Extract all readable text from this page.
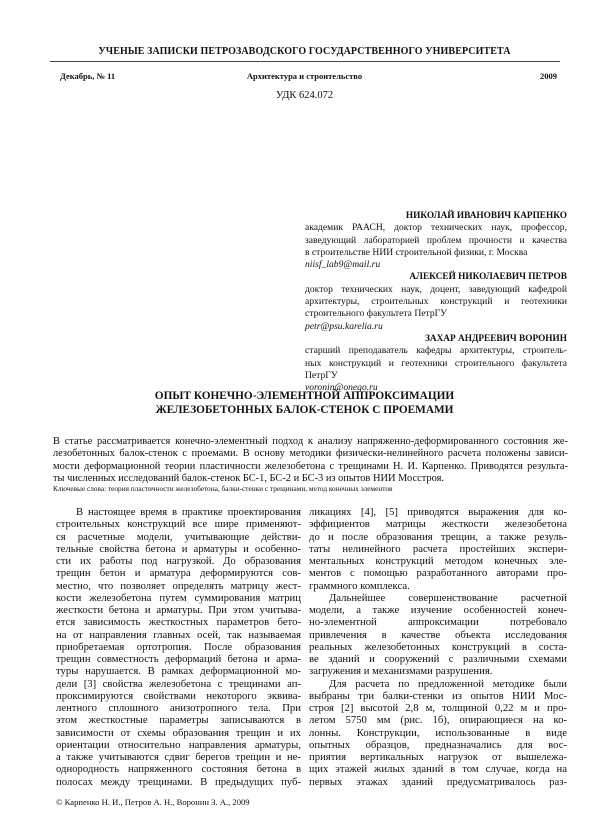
УЧЕНЫЕ ЗАПИСКИ ПЕТРОЗАВОДСКОГО ГОСУДАРСТВЕННОГО УНИВЕРСИТЕТА
Декабрь, № 11	Архитектура и строительство	2009
УДК 624.072
НИКОЛАЙ ИВАНОВИЧ КАРПЕНКО
академик РААСН, доктор технических наук, профессор,
заведующий лабораторией проблем прочности и качества
в строительстве НИИ строительной физики, г. Москва
niisf_lab9@mail.ru
АЛЕКСЕЙ НИКОЛАЕВИЧ ПЕТРОВ
доктор технических наук, доцент, заведующий кафедрой
архитектуры, строительных конструкций и геотехники
строительного факультета ПетрГУ
petr@psu.karelia.ru
ЗАХАР АНДРЕЕВИЧ ВОРОНИН
старший преподаватель кафедры архитектуры, строитель-
ных конструкций и геотехники строительного факультета
ПетрГУ
voronin@onego.ru
ОПЫТ КОНЕЧНО-ЭЛЕМЕНТНОЙ АППРОКСИМАЦИИ
ЖЕЛЕЗОБЕТОННЫХ БАЛОК-СТЕНОК С ПРОЕМАМИ
В статье рассматривается конечно-элементный подход к анализу напряженно-деформированного состояния же-
лезобетонных балок-стенок с проемами. В основу методики физически-нелинейного расчета положены зависи-
мости деформационной теории пластичности железобетона с трещинами Н. И. Карпенко. Приводятся результа-
ты численных исследований балок-стенок БС-1, БС-2 и БС-3 из опытов НИИ Мосстроя.
Ключевые слова: теория пластичности железобетона, балки-стенки с трещинами, метод конечных элементов
В настоящее время в практике проектирования
строительных конструкций все шире применяют-
ся расчетные модели, учитывающие действи-
тельные свойства бетона и арматуры и особенно-
сти их работы под нагрузкой. До образования
трещин бетон и арматура деформируются сов-
местно, что позволяет определять матрицу жест-
кости железобетона путем суммирования матриц
жесткости бетона и арматуры. При этом учитыва-
ется зависимость жесткостных параметров бето-
на от направления главных осей, так называемая
приобретаемая ортотропия. После образования
трещин совместность деформаций бетона и арма-
туры нарушается. В рамках деформационной мо-
дели [3] свойства железобетона с трещинами ап-
проксимируются свойствами некоторого эквива-
лентного сплошного анизотропного тела. При
этом жесткостные параметры записываются в
зависимости от схемы образования трещин и их
ориентации относительно направления арматуры,
а также учитываются сдвиг берегов трещин и не-
однородность напряженного состояния бетона в
полосах между трещинами. В предыдущих пуб-
ликациях [4], [5] приводятся выражения для ко-
эффициентов матрицы жесткости железобетона
до и после образования трещин, а также резуль-
таты нелинейного расчета простейших экспери-
ментальных конструкций методом конечных эле-
ментов с помощью разработанного авторами про-
граммного комплекса.
Дальнейшее совершенствование расчетной
модели, а также изучение особенностей конеч-
но-элементной аппроксимации потребовало
привлечения в качестве объекта исследования
реальных железобетонных конструкций в соста-
ве зданий и сооружений с различными схемами
загружения и механизмами разрушения.
Для расчета по предложенной методике были
выбраны три балки-стенки из опытов НИИ Мос-
строя [2] высотой 2,8 м, толщиной 0,22 м и про-
летом 5750 мм (рис. 1б), опирающиеся на ко-
лонны. Конструкции, использованные в виде
опытных образцов, предназначались для вос-
приятия вертикальных нагрузок от вышележа-
щих этажей жилых зданий в том случае, когда на
первых этажах зданий предусматривалось раз-
© Карпенко Н. И., Петров А. Н., Воронин З. А., 2009
